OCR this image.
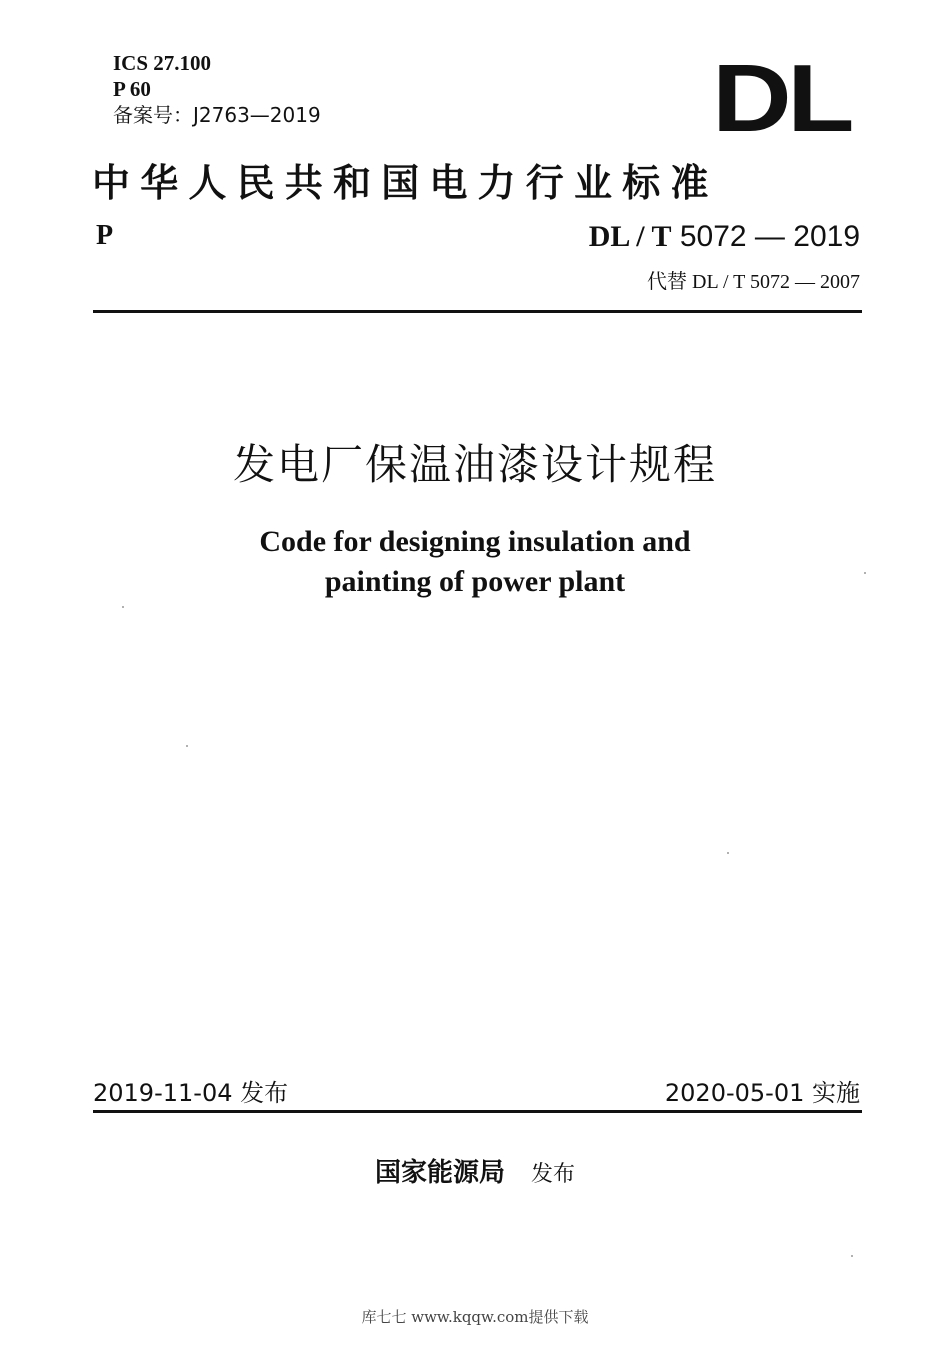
ICS 27.100
P 60
备案号：J2763—2019	DL
中华人民共和国电力行业标准
P	DL / T 5072 — 2019
代替 DL / T 5072 — 2007
发电厂保温油漆设计规程
Code for designing insulation and
painting of power plant
2019-11-04 发布	2020-05-01 实施
国家能源局 发布
库七七 www.kqqw.com提供下载
